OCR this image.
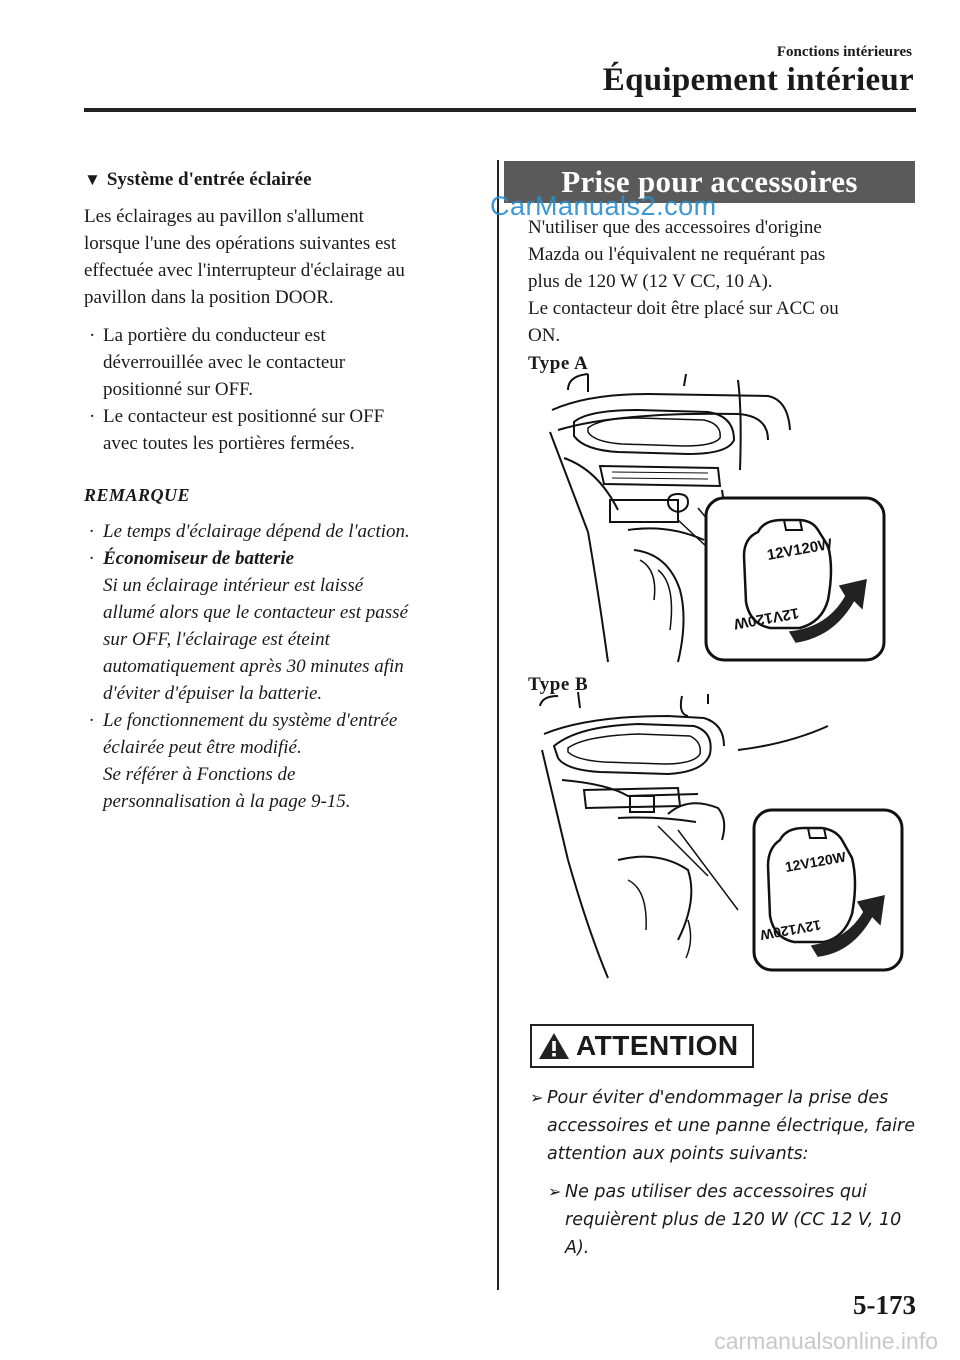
Fonctions intérieures
Équipement intérieur
▼ Système d'entrée éclairée
Les éclairages au pavillon s'allument
lorsque l'une des opérations suivantes est
effectuée avec l'interrupteur d'éclairage au
pavillon dans la position DOOR.
· La portière du conducteur est
déverrouillée avec le contacteur
positionné sur OFF.
· Le contacteur est positionné sur OFF
avec toutes les portières fermées.
REMARQUE
· Le temps d'éclairage dépend de l'action.
· Économiseur de batterie
Si un éclairage intérieur est laissé
allumé alors que le contacteur est passé
sur OFF, l'éclairage est éteint
automatiquement après 30 minutes afin
d'éviter d'épuiser la batterie.
· Le fonctionnement du système d'entrée
éclairée peut être modifié.
Se référer à Fonctions de
personnalisation à la page 9-15.
Prise pour accessoires
CarManuals2.com
N'utiliser que des accessoires d'origine
Mazda ou l'équivalent ne requérant pas
plus de 120 W (12 V CC, 10 A).
Le contacteur doit être placé sur ACC ou
ON.
Type A
12V120W
12V120W
Type B
12V120W
12V120W
ATTENTION
➢ Pour éviter d'endommager la prise des
accessoires et une panne électrique, faire
attention aux points suivants:
➢ Ne pas utiliser des accessoires qui
requièrent plus de 120 W (CC 12 V, 10
A).
5-173
carmanualsonline.info
